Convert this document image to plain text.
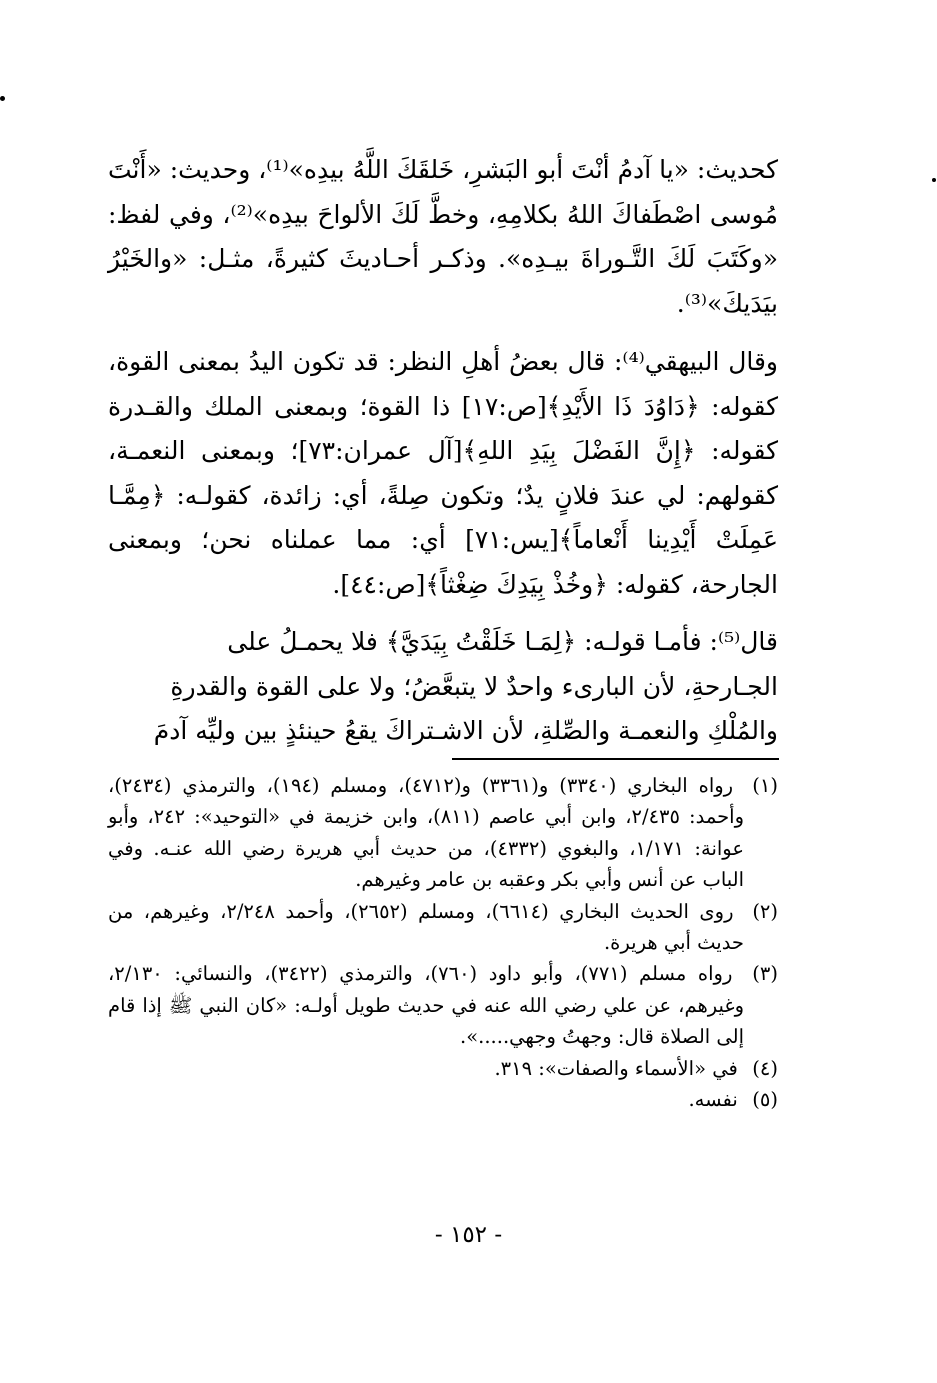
كحديث: «يا آدمُ أنْتَ أبو البَشرِ، خَلقَكَ اللَّهُ بيدِه»⁽¹⁾، وحديث: «أَنْتَ مُوسى اصْطَفاكَ اللهُ بكلامِهِ، وخطَّ لَكَ الألواحَ بيدِه»⁽²⁾، وفي لفظ: «وكَتَبَ لَكَ التَّـوراةَ بيـدِه». وذكـر أحـاديثَ كثيرةً، مثـل: «والخَيْرُ بيَدَيكَ»⁽³⁾.

وقال البيهقي⁽⁴⁾: قال بعضُ أهلِ النظر: قد تكون اليدُ بمعنى القوة، كقوله: ﴿دَاوُدَ ذَا الأَيْدِ﴾[ص:١٧] ذا القوة؛ وبمعنى الملك والقـدرة كقوله: ﴿إِنَّ الفَضْلَ بِيَدِ اللهِ﴾[آل عمران:٧٣]؛ وبمعنى النعمـة، كقولهم: لي عندَ فلانٍ يدٌ؛ وتكون صِلةً، أي: زائدة، كقولـه: ﴿مِمَّـا عَمِلَتْ أَيْدِينا أَنْعاماً﴾[يس:٧١] أي: مما عملناه نحن؛ وبمعنى الجارحة، كقوله: ﴿وخُذْ بِيَدِكَ ضِغْثاً﴾[ص:٤٤].

قال⁽⁵⁾: فأمـا قولـه: ﴿لِمَـا خَلَقْتُ بِيَدَيَّ﴾ فلا يحمـلُ على
الجـارحةِ، لأن البارىء واحدٌ لا يتبعَّضُ؛ ولا على القوة والقدرةِ
والمُلْكِ والنعمـة والصِّلةِ، لأن الاشـتراكَ يقعُ حينئذٍ بين وليِّه آدمَ

(١) رواه البخاري (٣٣٤٠) و(٣٣٦١) و(٤٧١٢)، ومسلم (١٩٤)، والترمذي (٢٤٣٤)، وأحمد: ٢/٤٣٥، وابن أبي عاصم (٨١١)، وابن خزيمة في «التوحيد»: ٢٤٢، وأبو عوانة: ١/١٧١، والبغوي (٤٣٣٢)، من حديث أبي هريرة رضي الله عنـه. وفي الباب عن أنس وأبي بكر وعقبه بن عامر وغيرهم.

(٢) روى الحديث البخاري (٦٦١٤)، ومسلم (٢٦٥٢)، وأحمد ٢/٢٤٨، وغيرهم، من حديث أبي هريرة.

(٣) رواه مسلم (٧٧١)، وأبو داود (٧٦٠)، والترمذي (٣٤٢٢)، والنسائي: ٢/١٣٠، وغيرهم، عن علي رضي الله عنه في حديث طويل أولـه: «كان النبي ﷺ إذا قام إلى الصلاة قال: وجهتُ وجهي.....».

(٤) في «الأسماء والصفات»: ٣١٩.

(٥) نفسه.

- ١٥٢ -
